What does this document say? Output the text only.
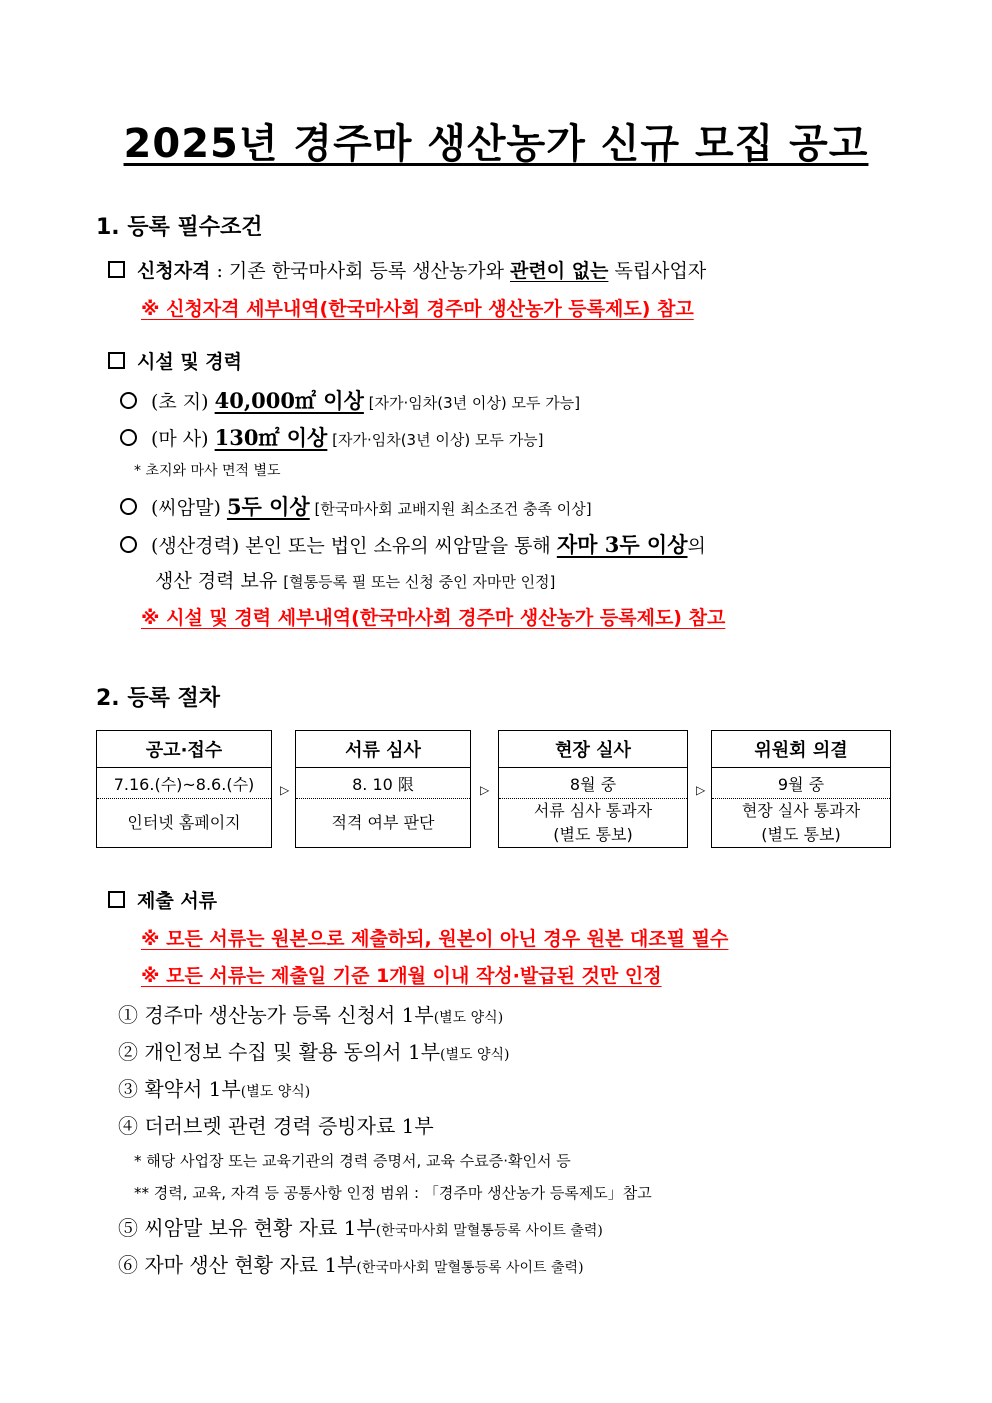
2025년 경주마 생산농가 신규 모집 공고
1. 등록 필수조건
신청자격 : 기존 한국마사회 등록 생산농가와 관련이 없는 독립사업자
※ 신청자격 세부내역(한국마사회 경주마 생산농가 등록제도) 참고
시설 및 경력
(초 지) 40,000㎡ 이상 [자가·임차(3년 이상) 모두 가능]
(마 사) 130㎡ 이상 [자가·임차(3년 이상) 모두 가능]
* 초지와 마사 면적 별도
(씨암말) 5두 이상 [한국마사회 교배지원 최소조건 충족 이상]
(생산경력) 본인 또는 법인 소유의 씨암말을 통해 자마 3두 이상의
생산 경력 보유 [혈통등록 필 또는 신청 중인 자마만 인정]
※ 시설 및 경력 세부내역(한국마사회 경주마 생산농가 등록제도) 참고
2. 등록 절차
공고·접수
7.16.(수)~8.6.(수)
인터넷 홈페이지
▷
서류 심사
8. 10 限
적격 여부 판단
▷
현장 실사
8월 중
서류 심사 통과자
(별도 통보)
▷
위원회 의결
9월 중
현장 실사 통과자
(별도 통보)
제출 서류
※ 모든 서류는 원본으로 제출하되, 원본이 아닌 경우 원본 대조필 필수
※ 모든 서류는 제출일 기준 1개월 이내 작성·발급된 것만 인정
① 경주마 생산농가 등록 신청서 1부(별도 양식)
② 개인정보 수집 및 활용 동의서 1부(별도 양식)
③ 확약서 1부(별도 양식)
④ 더러브렛 관련 경력 증빙자료 1부
* 해당 사업장 또는 교육기관의 경력 증명서, 교육 수료증·확인서 등
** 경력, 교육, 자격 등 공통사항 인정 범위 : 「경주마 생산농가 등록제도」참고
⑤ 씨암말 보유 현황 자료 1부(한국마사회 말혈통등록 사이트 출력)
⑥ 자마 생산 현황 자료 1부(한국마사회 말혈통등록 사이트 출력)
